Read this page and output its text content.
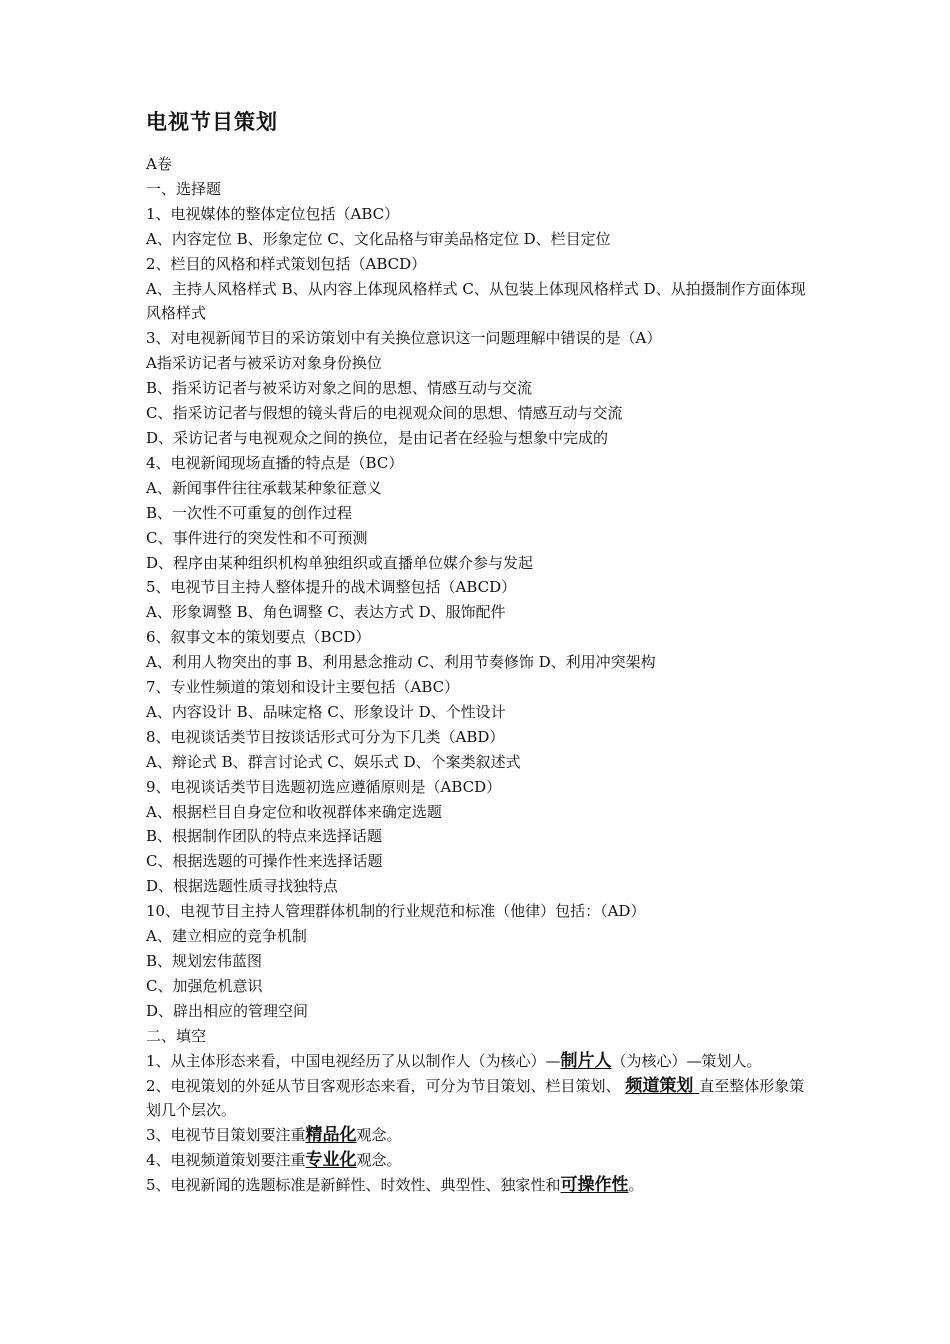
电视节目策划
A卷
一、选择题
1、电视媒体的整体定位包括（ABC）
A、内容定位 B、形象定位 C、文化品格与审美品格定位 D、栏目定位
2、栏目的风格和样式策划包括（ABCD）
A、主持人风格样式 B、从内容上体现风格样式 C、从包装上体现风格样式 D、从拍摄制作方面体现风格样式
3、对电视新闻节目的采访策划中有关换位意识这一问题理解中错误的是（A）
A指采访记者与被采访对象身份换位
B、指采访记者与被采访对象之间的思想、情感互动与交流
C、指采访记者与假想的镜头背后的电视观众间的思想、情感互动与交流
D、采访记者与电视观众之间的换位，是由记者在经验与想象中完成的
4、电视新闻现场直播的特点是（BC）
A、新闻事件往往承载某种象征意义
B、一次性不可重复的创作过程
C、事件进行的突发性和不可预测
D、程序由某种组织机构单独组织或直播单位媒介参与发起
5、电视节目主持人整体提升的战术调整包括（ABCD）
A、形象调整 B、角色调整 C、表达方式 D、服饰配件
6、叙事文本的策划要点（BCD）
A、利用人物突出的事 B、利用悬念推动 C、利用节奏修饰 D、利用冲突架构
7、专业性频道的策划和设计主要包括（ABC）
A、内容设计 B、品味定格 C、形象设计 D、个性设计
8、电视谈话类节目按谈话形式可分为下几类（ABD）
A、辩论式 B、群言讨论式 C、娱乐式 D、个案类叙述式
9、电视谈话类节目选题初选应遵循原则是（ABCD）
A、根据栏目自身定位和收视群体来确定选题
B、根据制作团队的特点来选择话题
C、根据选题的可操作性来选择话题
D、根据选题性质寻找独特点
10、电视节目主持人管理群体机制的行业规范和标准（他律）包括：（AD）
A、建立相应的竞争机制
B、规划宏伟蓝图
C、加强危机意识
D、辟出相应的管理空间
二、填空
1、从主体形态来看，中国电视经历了从以制作人（为核心）—制片人（为核心）—策划人。
2、电视策划的外延从节目客观形态来看，可分为节目策划、栏目策划、 频道策划 直至整体形象策划几个层次。
3、电视节目策划要注重精品化观念。
4、电视频道策划要注重专业化观念。
5、电视新闻的选题标准是新鲜性、时效性、典型性、独家性和可操作性。
